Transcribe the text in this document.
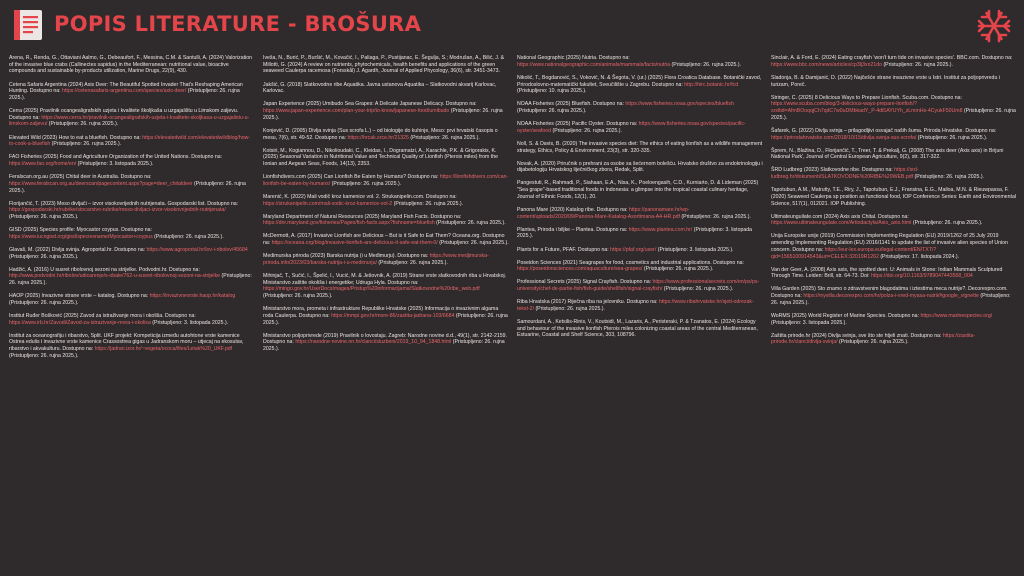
POPIS LITERATURE - BROŠURA

Arena, R., Renda, G., Ottaviani Aalmo, G., Debeaufort, F., Messina, C.M. & Santulli, A. (2024) Valorization of the invasive blue crabs (Callinectes sapidus) in the Mediterranean: nutritional value, bioactive compounds and sustainable by-products utilization, Marine Drugs, 22(9), 430.

Cetena Safaris Argentina (2024) Axis Deer: The Beautiful Spotted Invader That's Reshaping American Hunting. Dostupno na: https://cetenasafaris-argentina.com/species/axis-deer/ (Pristupljeno: 26. rujna 2025.).

Cerra (2025) Pravilnik ocangealigrafskih uzjeta i kvalitete školjkaša u uzgajalištu u Limskom zaljevu. Dostupno na: https://www.cerra.hr/pravilnik-ocangealigrafskih-uzjeta-i-kvalitete-skoljkasa-u-uzgajalistu-u-limskom-zaljevu/ (Pristupljeno: 26. rujna 2025.).

Elevated Wild (2023) How to eat a bluefish. Dostupno na: https://elevatedwild.com/elevatedwildblog/how-to-cook-a-bluefish (Pristupljeno: 26. rujna 2025.).

FAO Fisheries (2025) Food and Agriculture Organization of the United Nations. Dostupno na: https://www.fao.org/home/en/ (Pristupljeno: 3. listopada 2025.).

Feralscan.org.au (2025) Chital deer in Australia. Dostupno na: https://www.feralscan.org.au/deerscan/pagecontent.aspx?page=deer_chitaldeer (Pristupljeno: 26. rujna 2025.).

Florijančić, T. (2023) Meso divljači – izvor visokovrijednih nutrijenata. Gospodarski list. Dostupno na: https://gospodarski.hr/rubrike/stocarstvo-rubrike/meso-divljaci-izvor-visokovrijednih-nutrijenata/ (Pristupljeno: 26. rujna 2025.).

GISD (2025) Species profile: Myocastor coypus. Dostupno na: https://www.iucngisd.org/gisd/speciesname/Myocastor+coypus (Pristupljeno: 26. rujna 2025.).

Glavaš, M. (2022) Divlja svinja. Agroportal.hr. Dostupno na: https://www.agroportal.hr/lov-i-ribolov/45684 (Pristupljeno: 26. rujna 2025.).

Hadžić, A. (2016) U susret ribolovnoj sezoni na strijelke. Podvodni.hr. Dostupno na: http://www.podvodni.hr/ribolov/udicarenje/s-obale/762-u-susret-ribolovnoj-sezoni-na-strijelke (Pristupljeno: 26. rujna 2025.).

HAOP (2025) Invazivne strane vrste – katalog. Dostupno na: https://invazivnevrste.haop.hr/katalog (Pristupljeno: 26. rujna 2025.).

Institut Ruđer Bošković (2025) Zavod za istraživanje mora i okoliša. Dostupno na: https://www.irb.hr/Zavodi/Zavod-za-istrazivanje-mora-i-okolisa (Pristupljeno: 3. listopada 2025.).

Institut za oceanografiju i ribarstvo, Split. UKF projekt: Kompeticija između autohtone vrste kamenice Ostrea edulis i invazivne vrste kamenice Crassostrea gigas u Jadranskom moru – utjecaj na ekosutav, ribarstvo i akvakulturu. Dostupno na: https://jadran.izor.hr/~vegeta/ococa/files/Letak%20_UKF.pdf (Pristupljeno: 26. rujna 2025.).

Ivešа, N., Burić, P., Buršić, M., Kovačić, I., Paliaga, P., Pustijanac, E. Šegulja, S.; Modrušan, A., Bilić, J. & Millotti, G. (2024) A review on nutrients, phytochemicals, health benefits and applications of the green seaweed Caulerpa racemosa (Forsskål) J. Agardh, Journal of Applied Phycology, 36(6), str. 3451-3473.

Jakšić, G. (2018) Slatkovodne ribe Aquatika. Javna ustanova Aquatika – Slatkovodni akvarij Karlovac, Karlovac.

Japan Experience (2025) Umibudo Sea Grapes: A Delicate Japanese Delicacy. Dostupno na: https://www.japan-experience.com/plan-your-trip/to-know/japanese-food/umibudo (Pristupljeno: 26. rujna 2025.).

Konjević, D. (2005) Divlja svinja (Sus scrofa L.) – od biologije do kuhinje, Meso: prvi hrvatski časopis o mesu, 7(6), str. 49-52. Dostupno na: https://hrcak.srce.hr/21325 (Pristupljeno: 26. rujna 2025.).

Kotsiri, M., Kogiannou, D., Nikolioudaki, C., Kleidas, I., Dogramatzi, A., Karachle, P.K. & Grigorakis, K. (2025) Seasonal Variation in Nutritional Value and Technical Quality of Lionfish (Pterois miles) from the Ionian and Aegean Seas, Foods, 14(13), 2353.

Lionfishdivers.com (2025) Can Lionfish Be Eaten by Humans? Dostupno na: https://lionfishdivers.com/can-lionfish-be-eaten-by-humans/ (Pristupljeno: 26. rujna 2025.).

Marenić, K. (2022) Mali vodič kroz kamenice vol. 2. Strukanipelin.com. Dostupno na: https://strukanipelin.com/mali-vodic-kroz-kamenice-vol-2 (Pristupljeno: 26. rujna 2025.).

Maryland Department of Natural Resources (2025) Maryland Fish Facts. Dostupno na: https://dnr.maryland.gov/fisheries/Pages/fish-facts.aspx?fishname=bluefish (Pristupljeno: 26. rujna 2025.).

McDermott, A. (2017) Invasive Lionfish are Delicious – But is it Safe to Eat Them? Oceana.org. Dostupno na: https://oceana.org/blog/invasive-lionfish-are-delicious-it-safe-eat-them-0/ (Pristupljeno: 26. rujna 2025.).

Medimurska priroda (2023) Barska nutrija (i u Međimurju). Dostupno na: https://www.medjimurska-priroda.info/2023/03/barska-nutrija-i-u-medimurju/ (Pristupljeno: 26. rujna 2025.).

Mihinjač, T., Sučić, I., Špelić, I., Vucić, M. & Ješovnik, A. (2019) Strane vrste slatkovodnih riba u Hrvatskoj. Ministarstvo zaštite okoliša i energetike; Udruga Hyla. Dostupno na: https://mingo.gov.hr/UserDocsImages/Pristup%20informacijama/Slatkovodne%20ribe_web.pdf (Pristupljeno: 26. rujna 2025.).

Ministarstvo mora, prometa i infrastrukture Republike Hrvatske (2025) Informacija o invazivnim algama roda Caulerpa. Dostupno na: https://mmpi.gov.hr/more-86/zastita-jadrana-103/6684 (Pristupljeno: 26. rujna 2025.).

Ministarstvo poljoprivrede (2019) Pravilnik o lovostaju. Zagreb: Narodne novine d.d., 49(1), str. 2142-2159. Dostupno na: https://narodne-novine.nn.hr/clanci/sluzbeni/2019_10_94_1848.html (Pristupljeno: 26. rujna 2025.).

National Geographic (2025) Nutria. Dostupno na: https://www.nationalgeographic.com/animals/mammals/facts/nutria (Pristupljeno: 26. rujna 2025.).

Nikolić, T., Bogdanović, S., Voković, N. & Šegota, V. (ur.) (2025) Flora Croatica Database. Botanički zavod, Prirodoslovno-matematički fakultet, Sveučilište u Zagrebu. Dostupno na: http://hirc.botanic.hr/fcd (Pristupljeno: 10. rujna 2025.).

NOAA Fisheries (2025) Bluefish. Dostupno na: https://www.fisheries.noaa.gov/species/bluefish (Pristupljeno: 26. rujna 2025.).

NOAA Fisheries (2025) Pacific Oyster. Dostupno na: https://www.fisheries.noaa.gov/species/pacific-oyster/seafood (Pristupljeno: 26. rujna 2025.).

Noll, S. & Davis, B. (2020) The invasive species diet: The ethics of eating lionfish as a wildlife management strategy, Ethics, Policy & Environment, 23(3), str. 320-335.

Novak, A. (2020) Priručnik o prehrani za osobe sa šećernom bolešću. Hrvatsko društvo za endokrinologiju i dijabetologiju Hrvatskog liječničkog zbora, Redak, Split.

Pangestuti, R., Rahmadi, P., Siahaan, E.A., Nisa, K., Poeloengasih, C.D., Kurniarto, D. & Lideman (2025) "Sea grape"-based traditional foods in Indonesia: a glimpse into the tropical coastal culinary heritage, Journal of Ethnic Foods, 12(1), 20.

Panona Mare (2020) Katalog ribe. Dostupno na: https://panonamare.hr/wp-content/uploads/2020/09/Panona-Mare-Katalog-Asortimana-A4-HR.pdf (Pristupljeno: 26. rujna 2025.).

Plantea, Priroda i biljke – Plantea. Dostupno na: https://www.plantea.com.hr/ (Pristupljeno: 3. listopada 2025.).

Plants for a Future, PFAF. Dostupno na: https://pfaf.org/user/ (Pristupljeno: 3. listopada 2025.).

Poseidon Sciences (2021) Seagrapes for food, cosmetics and industrial applications. Dostupno na: https://poseidonsciences.com/aquaculture/sea-grapes/ (Pristupljeno: 26. rujna 2025.).

Professional Secrets (2025) Signal Crayfish. Dostupno na: https://www.professionalsecrets.com/en/ps/ps-university/chef-de-partie-fish/fish-guide/shellfish/signal-crayfish/ (Pristupljeno: 26. rujna 2025.).

Riba Hrvatska (2017) Riječna riba na jelovniku. Dostupno na: https://www.ribahrvatske.hr/sjeti-odrezak-tekst-2/ (Pristupljeno: 26. rujna 2025.).

Samourdani, A., Ketsilis-Rinis, V., Koutsidi, M., Lazaris, A., Peristeraki, P. & Tzanatos, E. (2024) Ecology and behaviour of the invasive lionfish Pterois miles colonizing coastal areas of the central Mediterranean, Estuarine, Coastal and Shelf Science, 303, 108796.

Sinclair, A. & Ford, E. (2024) Eating crayfish 'won't turn tide on invasive species'. BBC.com. Dostupno na: https://www.bbc.com/news/articles/cp3lj3xn21do (Pristupljeno: 26. rujna 2025.).

Sladonja, B. & Damijanić, D. (2022) Najčešće strane invazivne vrste u Istri. Institut za poljoprivredu i turizam, Poreč.

Stringer, C. (2025) 8 Delicious Ways to Prepare Lionfish. Scuba.com. Dostupno na: https://www.scuba.com/blog/3-delicious-ways-prepare-lionfish/?srsltid=AfmBOoqqjCh7qdC7w0uDMbkadY_P-4di5AYUYh_zLmmHs-4CyukF50Um8 (Pristupljeno: 26. rujna 2025.).

Šafarek, G. (2022) Divlja svinja – prilagodljivi osvajač naših šuma. Priroda Hrvatske. Dostupno na: https://prirodahrvatske.com/2018/10/15/divlja-svinja-sus-scrofa/ (Pristupljeno: 26. rujna 2025.).

Šprem, N., Blažina, D., Florijančić, T., Treer, T. & Prekalj, G. (2008) The axis deer (Axis axis) in Brijuni National Park', Journal of Central European Agriculture, 9(2), str. 317-322.

ŠRD Ludbreg (2023) Slatkovodne ribe. Dostupno na: https://srd-ludbreg.hr/dokumenti/SLATKOVODNE%20RIBE%20WEB.pdf (Pristupljeno: 26. rujna 2025.).

Tapotubun, A.M., Matrutty, T.E., Riry, J., Tapotubun, E.J., Fransina, E.G., Mailoa, M.N. & Rieuwpassa, F. (2020) Seaweed Caulerpa sp position as functional food, IOP Conference Series: Earth and Environmental Science, 517(1), 012021. IOP Publishing.

Ultimateunguilate.com (2024) Axis axis Chital. Dostupno na: https://www.ultimateungulate.com/Artiodactyla/Axis_axis.html (Pristupljeno: 26. rujna 2025.).

Unija Europske unije (2019) Commission Implementing Regulation (EU) 2019/1262 of 25 July 2019 amending Implementing Regulation (EU) 2016/1141 to update the list of invasive alien species of Union concern. Dostupno na: https://eur-lex.europa.eu/legal-content/EN/TXT/?qid=1565100914543&uri=CELEX:32019R1262 (Pristupljeno: 17. listopada 2024.).

Van der Geer, A. (2008) Axis axis, the spotted deer. U: Animals in Stone: Indian Mammals Sculptured Through Time. Leiden: Brill, str. 64-73. Doi: https://doi.org/10.1163/9789047443568_004

Villa Garden (2025) Sto znamo o zdravstvenim blagodatima i iztestima meса nutrije?. Decorexpro.com. Dostupno na: https://myvilla.decorexpro.com/hr/polza-i-vred-myasa-nutrii/#google_vignette (Pristupljeno: 26. rujna 2025.).

WoRMS (2025) World Register of Marine Species. Dostupno na: https://www.marinespecies.org/ (Pristupljeno: 3. listopada 2025.).

Zaštita prirode.hr (2024) Divlja svinja, sve što ste htjeli znati. Dostupno na: https://zastita-prirode.hr/clanci/divlja-svinja/ (Pristupljeno: 26. rujna 2025.).
